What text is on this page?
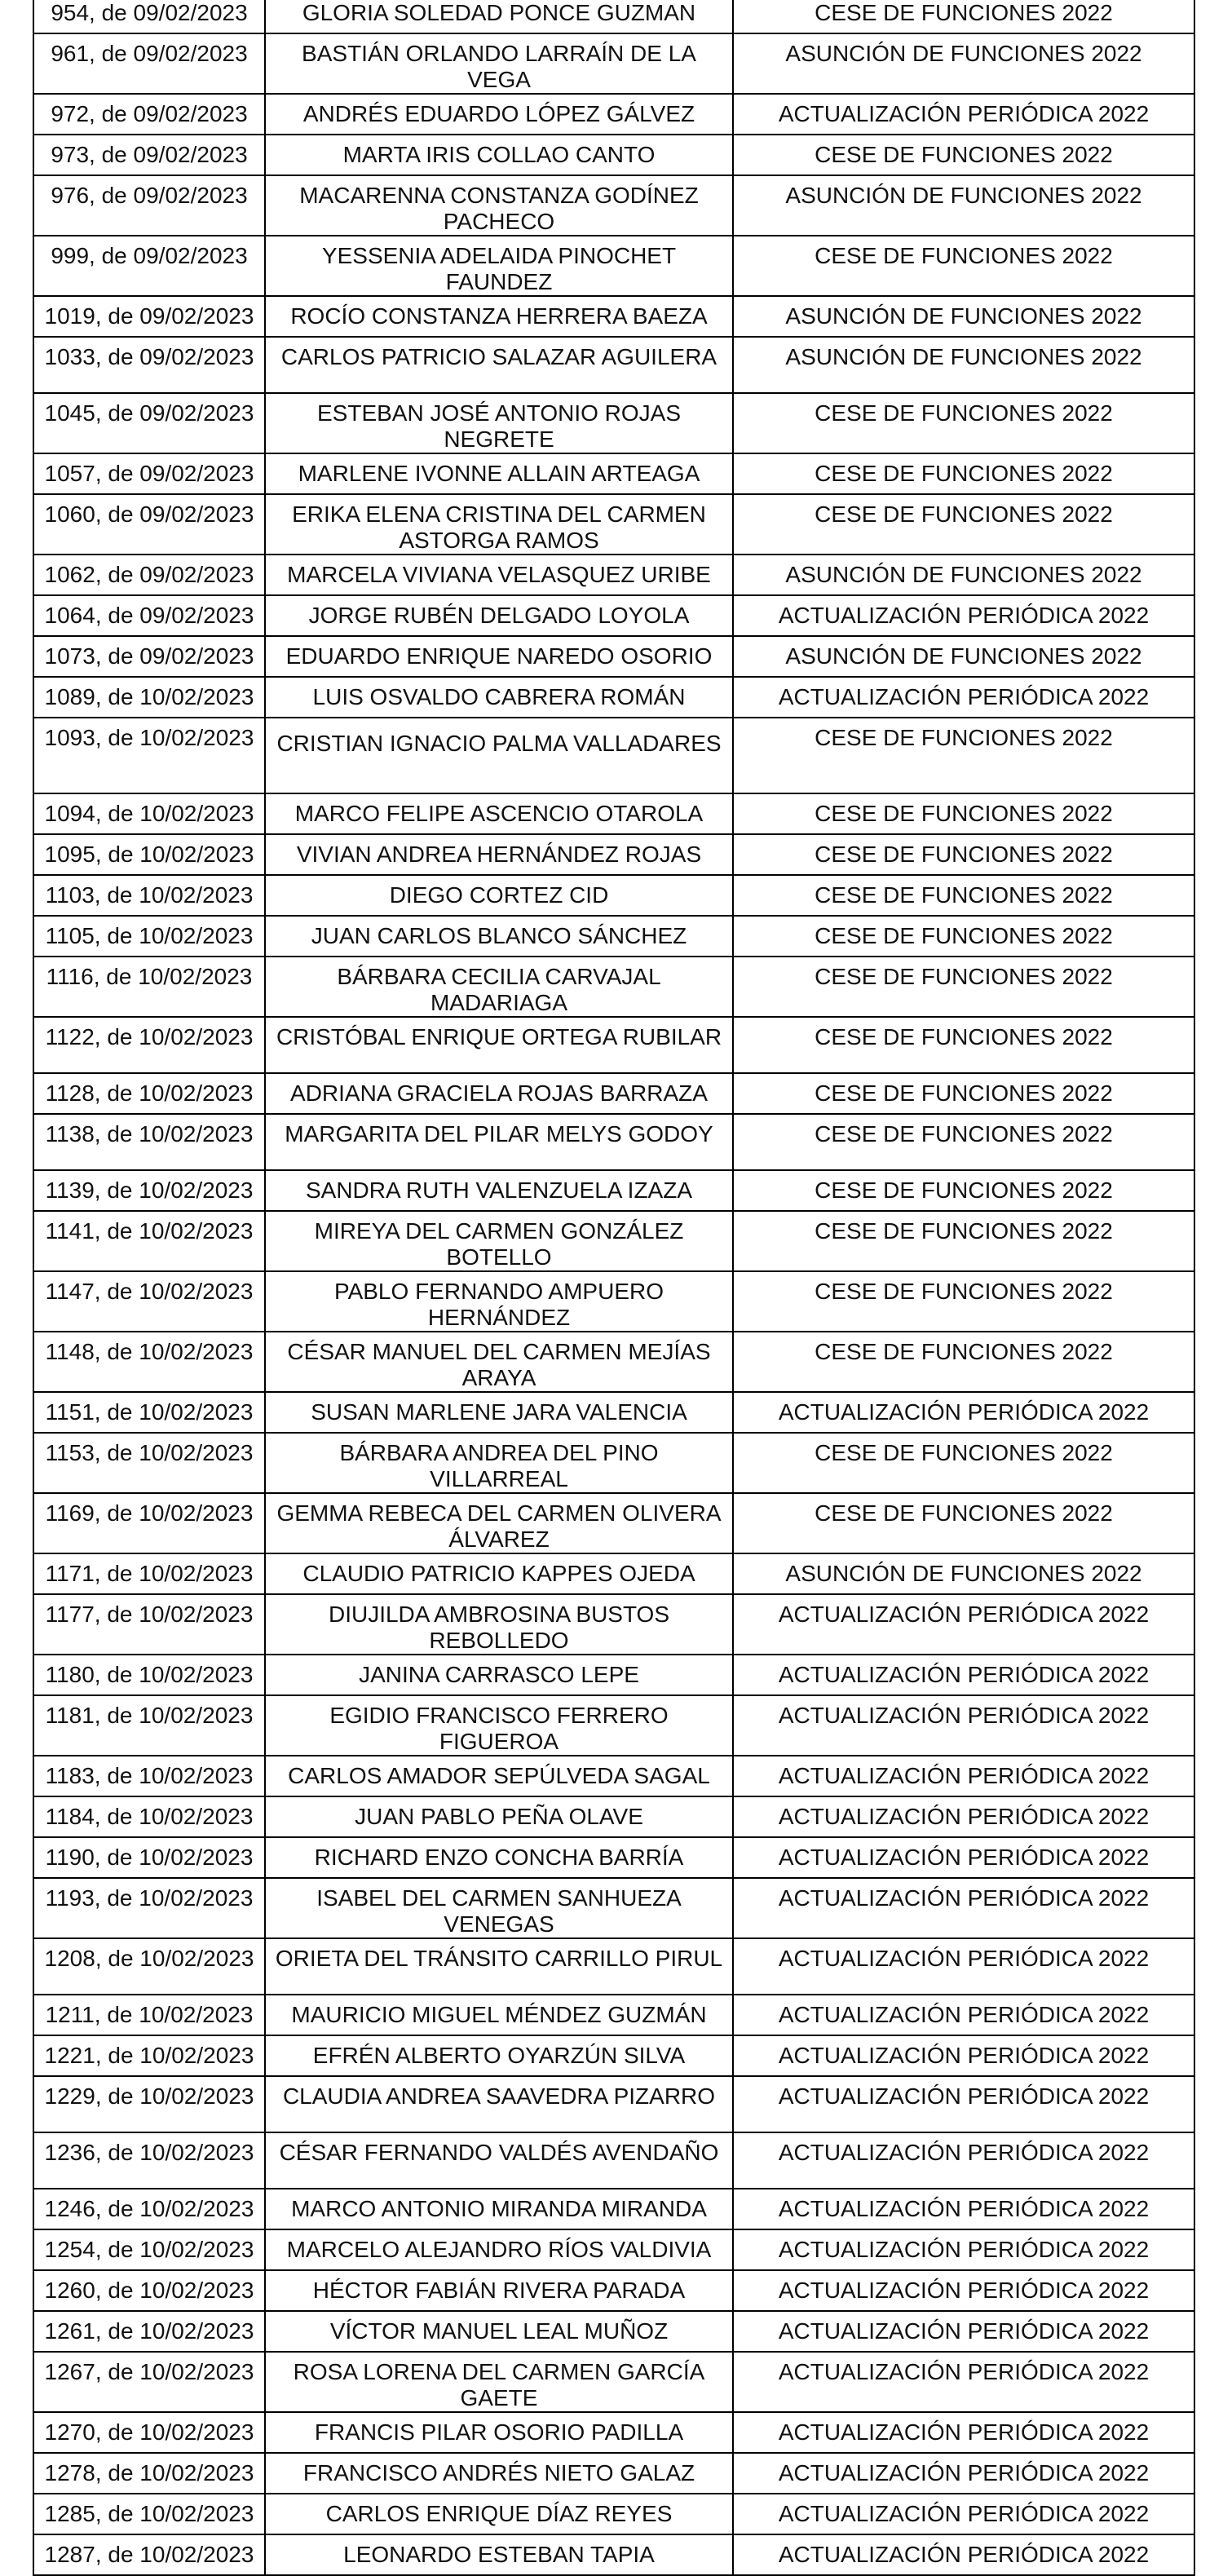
954, de 09/02/2023	GLORIA SOLEDAD PONCE GUZMAN	CESE DE FUNCIONES 2022
961, de 09/02/2023	BASTIÁN ORLANDO LARRAÍN DE LA VEGA	ASUNCIÓN DE FUNCIONES 2022
972, de 09/02/2023	ANDRÉS EDUARDO LÓPEZ GÁLVEZ	ACTUALIZACIÓN PERIÓDICA 2022
973, de 09/02/2023	MARTA IRIS COLLAO CANTO	CESE DE FUNCIONES 2022
976, de 09/02/2023	MACARENNA CONSTANZA GODÍNEZ PACHECO	ASUNCIÓN DE FUNCIONES 2022
999, de 09/02/2023	YESSENIA ADELAIDA PINOCHET FAUNDEZ	CESE DE FUNCIONES 2022
1019, de 09/02/2023	ROCÍO CONSTANZA HERRERA BAEZA	ASUNCIÓN DE FUNCIONES 2022
1033, de 09/02/2023	CARLOS PATRICIO SALAZAR AGUILERA	ASUNCIÓN DE FUNCIONES 2022
1045, de 09/02/2023	ESTEBAN JOSÉ ANTONIO ROJAS NEGRETE	CESE DE FUNCIONES 2022
1057, de 09/02/2023	MARLENE IVONNE ALLAIN ARTEAGA	CESE DE FUNCIONES 2022
1060, de 09/02/2023	ERIKA ELENA CRISTINA DEL CARMEN ASTORGA RAMOS	CESE DE FUNCIONES 2022
1062, de 09/02/2023	MARCELA VIVIANA VELASQUEZ URIBE	ASUNCIÓN DE FUNCIONES 2022
1064, de 09/02/2023	JORGE RUBÉN DELGADO LOYOLA	ACTUALIZACIÓN PERIÓDICA 2022
1073, de 09/02/2023	EDUARDO ENRIQUE NAREDO OSORIO	ASUNCIÓN DE FUNCIONES 2022
1089, de 10/02/2023	LUIS OSVALDO CABRERA ROMÁN	ACTUALIZACIÓN PERIÓDICA 2022
1093, de 10/02/2023	CRISTIAN IGNACIO PALMA VALLADARES	CESE DE FUNCIONES 2022
1094, de 10/02/2023	MARCO FELIPE ASCENCIO OTAROLA	CESE DE FUNCIONES 2022
1095, de 10/02/2023	VIVIAN ANDREA HERNÁNDEZ ROJAS	CESE DE FUNCIONES 2022
1103, de 10/02/2023	DIEGO CORTEZ CID	CESE DE FUNCIONES 2022
1105, de 10/02/2023	JUAN CARLOS BLANCO SÁNCHEZ	CESE DE FUNCIONES 2022
1116, de 10/02/2023	BÁRBARA CECILIA CARVAJAL MADARIAGA	CESE DE FUNCIONES 2022
1122, de 10/02/2023	CRISTÓBAL ENRIQUE ORTEGA RUBILAR	CESE DE FUNCIONES 2022
1128, de 10/02/2023	ADRIANA GRACIELA ROJAS BARRAZA	CESE DE FUNCIONES 2022
1138, de 10/02/2023	MARGARITA DEL PILAR MELYS GODOY	CESE DE FUNCIONES 2022
1139, de 10/02/2023	SANDRA RUTH VALENZUELA IZAZA	CESE DE FUNCIONES 2022
1141, de 10/02/2023	MIREYA DEL CARMEN GONZÁLEZ BOTELLO	CESE DE FUNCIONES 2022
1147, de 10/02/2023	PABLO FERNANDO AMPUERO HERNÁNDEZ	CESE DE FUNCIONES 2022
1148, de 10/02/2023	CÉSAR MANUEL DEL CARMEN MEJÍAS ARAYA	CESE DE FUNCIONES 2022
1151, de 10/02/2023	SUSAN MARLENE JARA VALENCIA	ACTUALIZACIÓN PERIÓDICA 2022
1153, de 10/02/2023	BÁRBARA ANDREA DEL PINO VILLARREAL	CESE DE FUNCIONES 2022
1169, de 10/02/2023	GEMMA REBECA DEL CARMEN OLIVERA ÁLVAREZ	CESE DE FUNCIONES 2022
1171, de 10/02/2023	CLAUDIO PATRICIO KAPPES OJEDA	ASUNCIÓN DE FUNCIONES 2022
1177, de 10/02/2023	DIUJILDA AMBROSINA BUSTOS REBOLLEDO	ACTUALIZACIÓN PERIÓDICA 2022
1180, de 10/02/2023	JANINA CARRASCO LEPE	ACTUALIZACIÓN PERIÓDICA 2022
1181, de 10/02/2023	EGIDIO FRANCISCO FERRERO FIGUEROA	ACTUALIZACIÓN PERIÓDICA 2022
1183, de 10/02/2023	CARLOS AMADOR SEPÚLVEDA SAGAL	ACTUALIZACIÓN PERIÓDICA 2022
1184, de 10/02/2023	JUAN PABLO PEÑA OLAVE	ACTUALIZACIÓN PERIÓDICA 2022
1190, de 10/02/2023	RICHARD ENZO CONCHA BARRÍA	ACTUALIZACIÓN PERIÓDICA 2022
1193, de 10/02/2023	ISABEL DEL CARMEN SANHUEZA VENEGAS	ACTUALIZACIÓN PERIÓDICA 2022
1208, de 10/02/2023	ORIETA DEL TRÁNSITO CARRILLO PIRUL	ACTUALIZACIÓN PERIÓDICA 2022
1211, de 10/02/2023	MAURICIO MIGUEL MÉNDEZ GUZMÁN	ACTUALIZACIÓN PERIÓDICA 2022
1221, de 10/02/2023	EFRÉN ALBERTO OYARZÚN SILVA	ACTUALIZACIÓN PERIÓDICA 2022
1229, de 10/02/2023	CLAUDIA ANDREA SAAVEDRA PIZARRO	ACTUALIZACIÓN PERIÓDICA 2022
1236, de 10/02/2023	CÉSAR FERNANDO VALDÉS AVENDAÑO	ACTUALIZACIÓN PERIÓDICA 2022
1246, de 10/02/2023	MARCO ANTONIO MIRANDA MIRANDA	ACTUALIZACIÓN PERIÓDICA 2022
1254, de 10/02/2023	MARCELO ALEJANDRO RÍOS VALDIVIA	ACTUALIZACIÓN PERIÓDICA 2022
1260, de 10/02/2023	HÉCTOR FABIÁN RIVERA PARADA	ACTUALIZACIÓN PERIÓDICA 2022
1261, de 10/02/2023	VÍCTOR MANUEL LEAL MUÑOZ	ACTUALIZACIÓN PERIÓDICA 2022
1267, de 10/02/2023	ROSA LORENA DEL CARMEN GARCÍA GAETE	ACTUALIZACIÓN PERIÓDICA 2022
1270, de 10/02/2023	FRANCIS PILAR OSORIO PADILLA	ACTUALIZACIÓN PERIÓDICA 2022
1278, de 10/02/2023	FRANCISCO ANDRÉS NIETO GALAZ	ACTUALIZACIÓN PERIÓDICA 2022
1285, de 10/02/2023	CARLOS ENRIQUE DÍAZ REYES	ACTUALIZACIÓN PERIÓDICA 2022
1287, de 10/02/2023	LEONARDO ESTEBAN TAPIA	ACTUALIZACIÓN PERIÓDICA 2022
